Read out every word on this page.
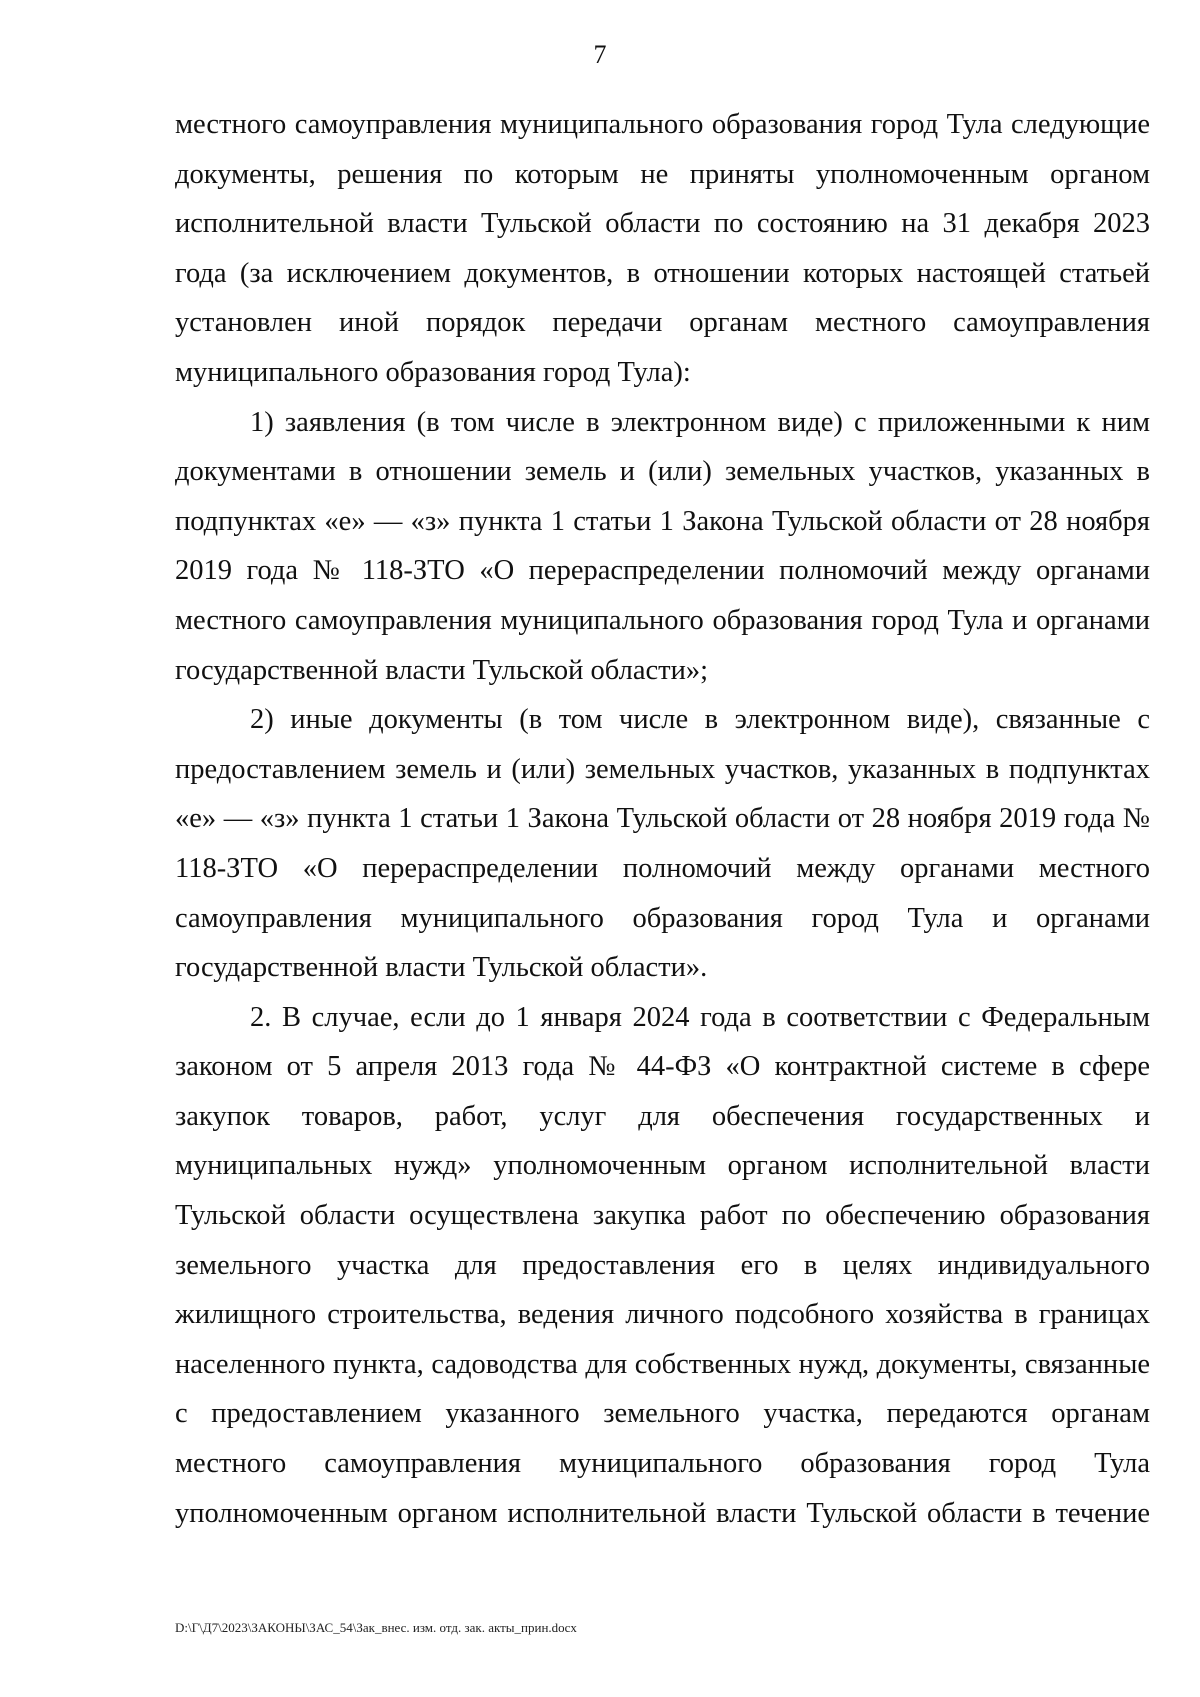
7

местного самоуправления муниципального образования город Тула следующие документы, решения по которым не приняты уполномоченным органом исполнительной власти Тульской области по состоянию на 31 декабря 2023 года (за исключением документов, в отношении которых настоящей статьей установлен иной порядок передачи органам местного самоуправления муниципального образования город Тула):

1) заявления (в том числе в электронном виде) с приложенными к ним документами в отношении земель и (или) земельных участков, указанных в подпунктах «е» — «з» пункта 1 статьи 1 Закона Тульской области от 28 ноября 2019 года № 118-ЗТО «О перераспределении полномочий между органами местного самоуправления муниципального образования город Тула и органами государственной власти Тульской области»;

2) иные документы (в том числе в электронном виде), связанные с предоставлением земель и (или) земельных участков, указанных в подпунктах «е» — «з» пункта 1 статьи 1 Закона Тульской области от 28 ноября 2019 года № 118-ЗТО «О перераспределении полномочий между органами местного самоуправления муниципального образования город Тула и органами государственной власти Тульской области».

2. В случае, если до 1 января 2024 года в соответствии с Федеральным законом от 5 апреля 2013 года № 44-ФЗ «О контрактной системе в сфере закупок товаров, работ, услуг для обеспечения государственных и муниципальных нужд» уполномоченным органом исполнительной власти Тульской области осуществлена закупка работ по обеспечению образования земельного участка для предоставления его в целях индивидуального жилищного строительства, ведения личного подсобного хозяйства в границах населенного пункта, садоводства для собственных нужд, документы, связанные с предоставлением указанного земельного участка, передаются органам местного самоуправления муниципального образования город Тула уполномоченным органом исполнительной власти Тульской области в течение

D:\Г\Д7\2023\ЗАКОНЫ\ЗАС_54\Зак_внес. изм. отд. зак. акты_прин.docx
